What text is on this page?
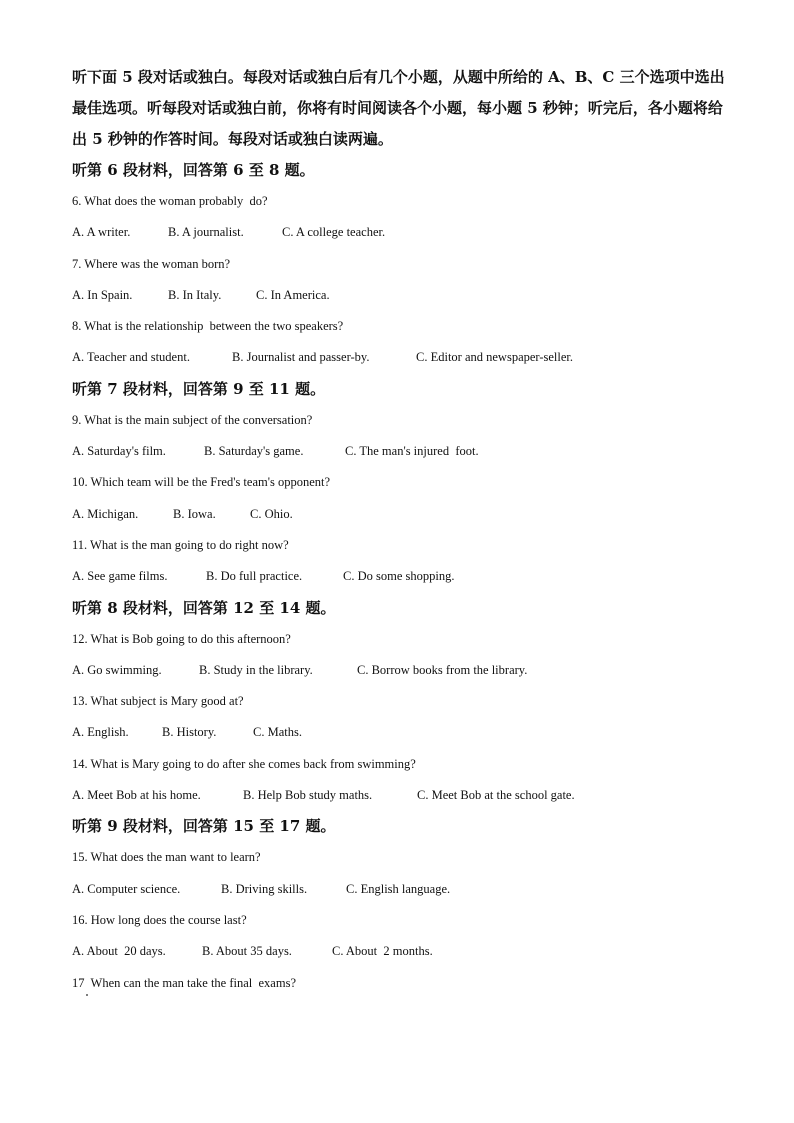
听下面 5 段对话或独白。每段对话或独白后有几个小题，从题中所给的 A、B、C 三个选项中选出最佳选项。听每段对话或独白前，你将有时间阅读各个小题，每小题 5 秒钟；听完后，各小题将给出 5 秒钟的作答时间。每段对话或独白读两遍。

听第 6 段材料，回答第 6 至 8 题。

6. What does the woman probably  do?

A. A writer.	B. A journalist.	C. A college teacher.

7. Where was the woman born?

A. In Spain.	B. In Italy.	C. In America.

8. What is the relationship  between the two speakers?

A. Teacher and student.	B. Journalist and passer-by.	C. Editor and newspaper-seller.

听第 7 段材料，回答第 9 至 11 题。

9. What is the main subject of the conversation?

A. Saturday's film.	B. Saturday's game.	C. The man's injured  foot.

10. Which team will be the Fred's team's opponent?

A. Michigan.	B. Iowa.	C. Ohio.

11. What is the man going to do right now?

A. See game films.	B. Do full practice.	C. Do some shopping.

听第 8 段材料，回答第 12 至 14 题。

12. What is Bob going to do this afternoon?

A. Go swimming.	B. Study in the library.	C. Borrow books from the library.

13. What subject is Mary good at?

A. English.	B. History.	C. Maths.

14. What is Mary going to do after she comes back from swimming?

A. Meet Bob at his home.	B. Help Bob study maths.	C. Meet Bob at the school gate.

听第 9 段材料，回答第 15 至 17 题。

15. What does the man want to learn?

A. Computer science.	B. Driving skills.	C. English language.

16. How long does the course last?

A. About  20 days.	B. About 35 days.	C. About  2 months.

17  When can the man take the final  exams?
